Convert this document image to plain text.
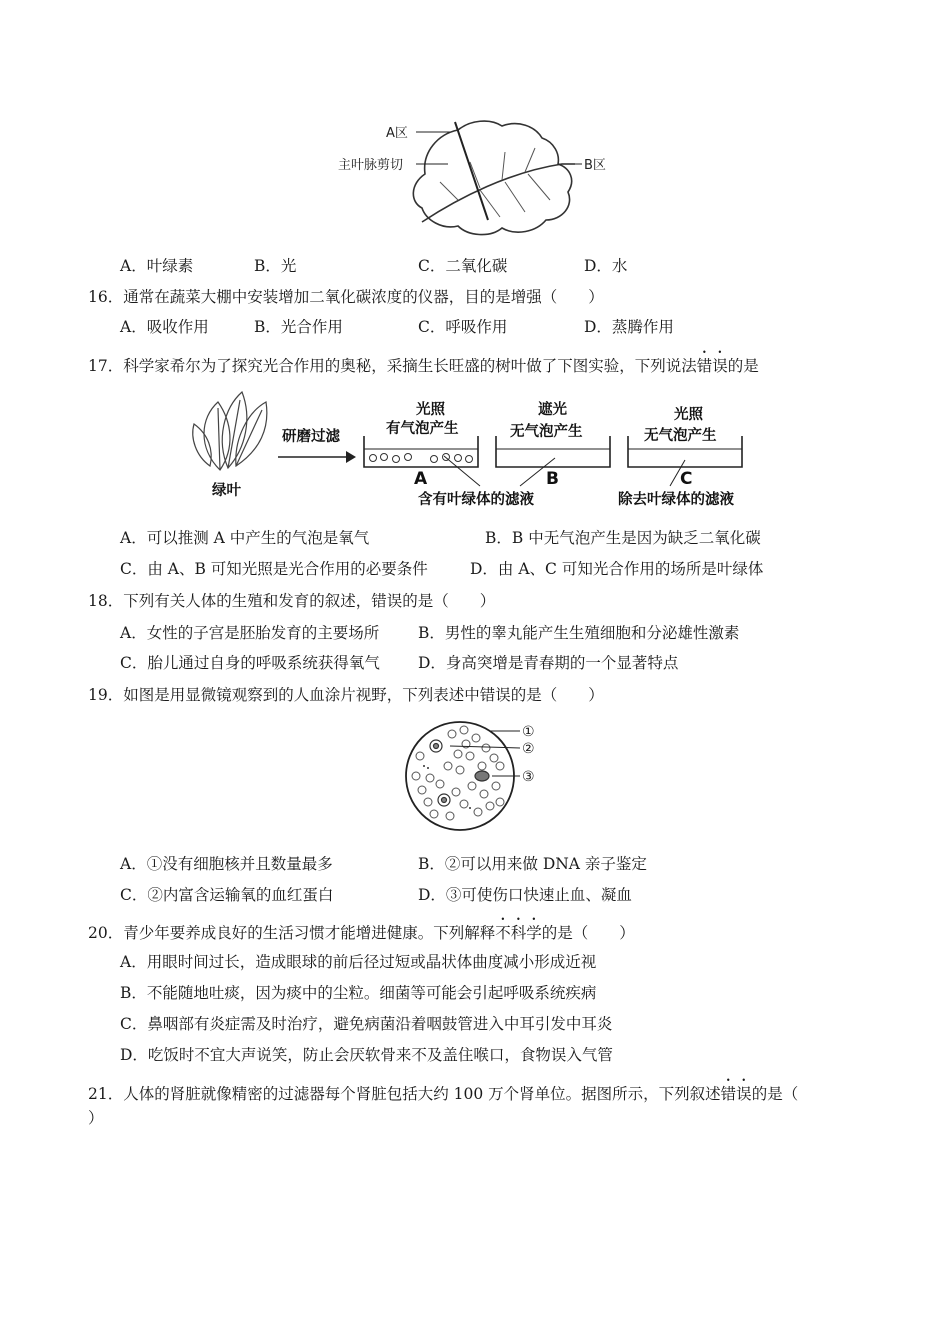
A区
主叶脉剪切	B区
A．叶绿素	B．光	C．二氧化碳	D．水
16．通常在蔬菜大棚中安装增加二氧化碳浓度的仪器，目的是增强（　　）
A．吸收作用	B．光合作用	C．呼吸作用	D．蒸腾作用
17．科学家希尔为了探究光合作用的奥秘，采摘生长旺盛的树叶做了下图实验，下列说法错误的是
绿叶
研磨过滤
光照
有气泡产生
A
遮光
无气泡产生
B
光照
无气泡产生
C
含有叶绿体的滤液	除去叶绿体的滤液
A．可以推测 A 中产生的气泡是氧气	B．B 中无气泡产生是因为缺乏二氧化碳
C．由 A、B 可知光照是光合作用的必要条件	D．由 A、C 可知光合作用的场所是叶绿体
18．下列有关人体的生殖和发育的叙述，错误的是（　　）
A．女性的子宫是胚胎发育的主要场所	B．男性的睾丸能产生生殖细胞和分泌雄性激素
C．胎儿通过自身的呼吸系统获得氧气 D．身高突增是青春期的一个显著特点
19．如图是用显微镜观察到的人血涂片视野，下列表述中错误的是（　　）
①
②
③
A．①没有细胞核并且数量最多	B．②可以用来做 DNA 亲子鉴定
C．②内富含运输氧的血红蛋白	D．③可使伤口快速止血、凝血
20．青少年要养成良好的生活习惯才能增进健康。下列解释不科学的是（　　）
A．用眼时间过长，造成眼球的前后径过短或晶状体曲度减小形成近视
B．不能随地吐痰，因为痰中的尘粒。细菌等可能会引起呼吸系统疾病
C．鼻咽部有炎症需及时治疗，避免病菌沿着咽鼓管进入中耳引发中耳炎
D．吃饭时不宜大声说笑，防止会厌软骨来不及盖住喉口，食物误入气管
21．人体的肾脏就像精密的过滤器每个肾脏包括大约 100 万个肾单位。据图所示，下列叙述错误的是（
）
